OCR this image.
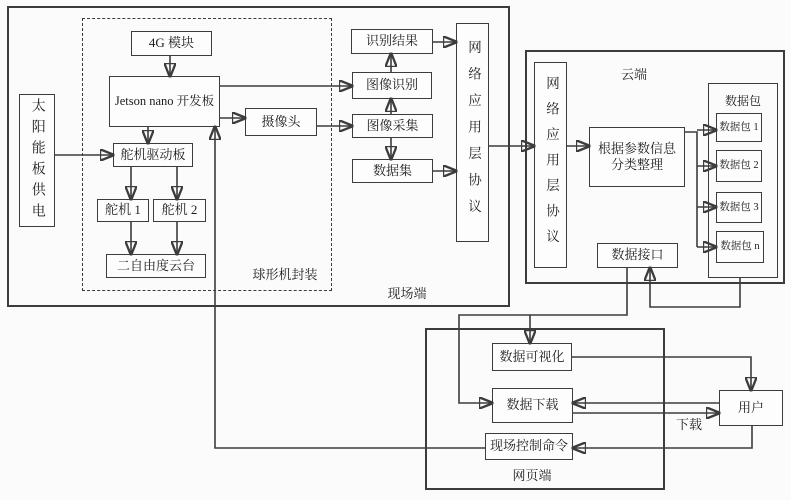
太阳能板供电
4G 模块
Jetson nano 开发板
舵机驱动板
舵机 1	舵机 2
二自由度云台
摄像头
识别结果
图像识别
图像采集
数据集	网络应用层协议	网络应用层协议	根据参数信息
分类整理
数据包 1
数据包 2
数据包 3
数据包 n
数据接口
数据可视化
数据下载
现场控制命令
用户
球形机封装
现场端
云端
数据包
网页端
下载
